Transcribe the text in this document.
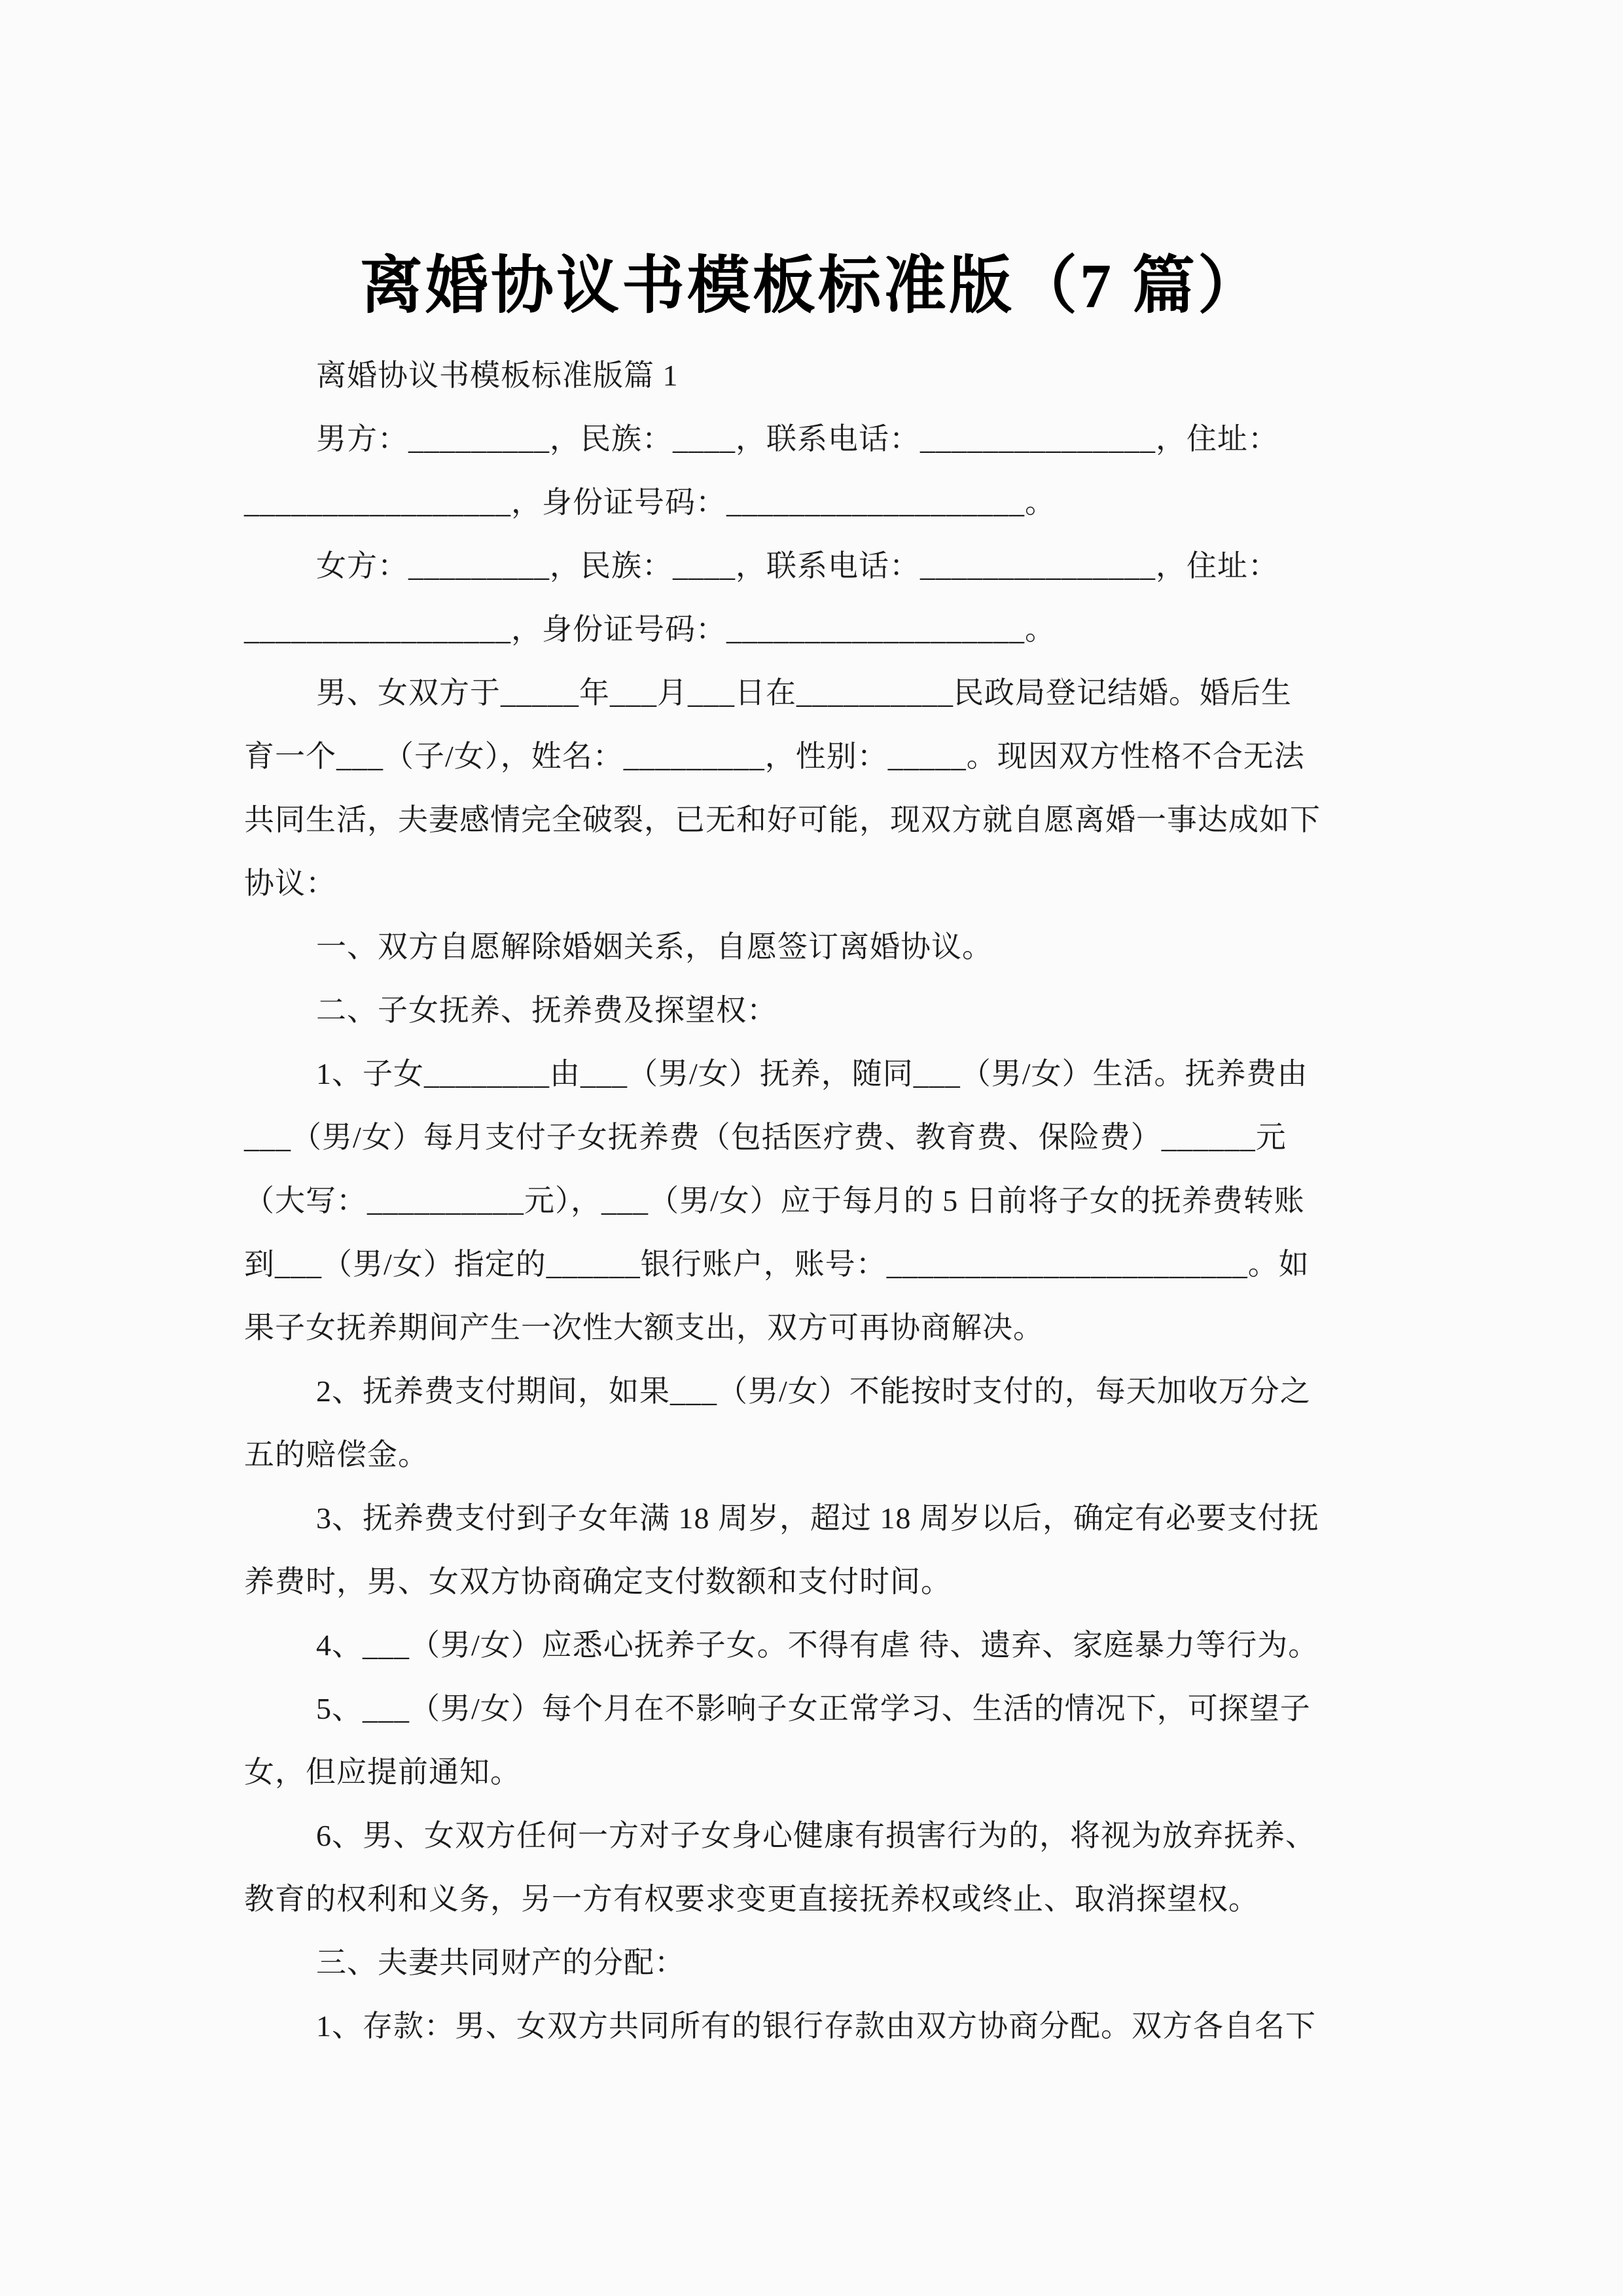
离婚协议书模板标准版（7 篇）

离婚协议书模板标准版篇 1

男方：_________，民族：____，联系电话：_______________，住址：

_________________，身份证号码：___________________。

女方：_________，民族：____，联系电话：_______________，住址：

_________________，身份证号码：___________________。

男、女双方于_____年___月___日在__________民政局登记结婚。婚后生

育一个___（子/女），姓名：_________，性别：_____。现因双方性格不合无法

共同生活，夫妻感情完全破裂，已无和好可能，现双方就自愿离婚一事达成如下

协议：

一、双方自愿解除婚姻关系，自愿签订离婚协议。

二、子女抚养、抚养费及探望权：

1、子女________由___（男/女）抚养，随同___（男/女）生活。抚养费由

___（男/女）每月支付子女抚养费（包括医疗费、教育费、保险费）______元

（大写：__________元），___（男/女）应于每月的 5 日前将子女的抚养费转账

到___（男/女）指定的______银行账户，账号：_______________________。如

果子女抚养期间产生一次性大额支出，双方可再协商解决。

2、抚养费支付期间，如果___（男/女）不能按时支付的，每天加收万分之

五的赔偿金。

3、抚养费支付到子女年满 18 周岁，超过 18 周岁以后，确定有必要支付抚

养费时，男、女双方协商确定支付数额和支付时间。

4、___（男/女）应悉心抚养子女。不得有虐 待、遗弃、家庭暴力等行为。

5、___（男/女）每个月在不影响子女正常学习、生活的情况下，可探望子

女，但应提前通知。

6、男、女双方任何一方对子女身心健康有损害行为的，将视为放弃抚养、

教育的权利和义务，另一方有权要求变更直接抚养权或终止、取消探望权。

三、夫妻共同财产的分配：

1、存款：男、女双方共同所有的银行存款由双方协商分配。双方各自名下
